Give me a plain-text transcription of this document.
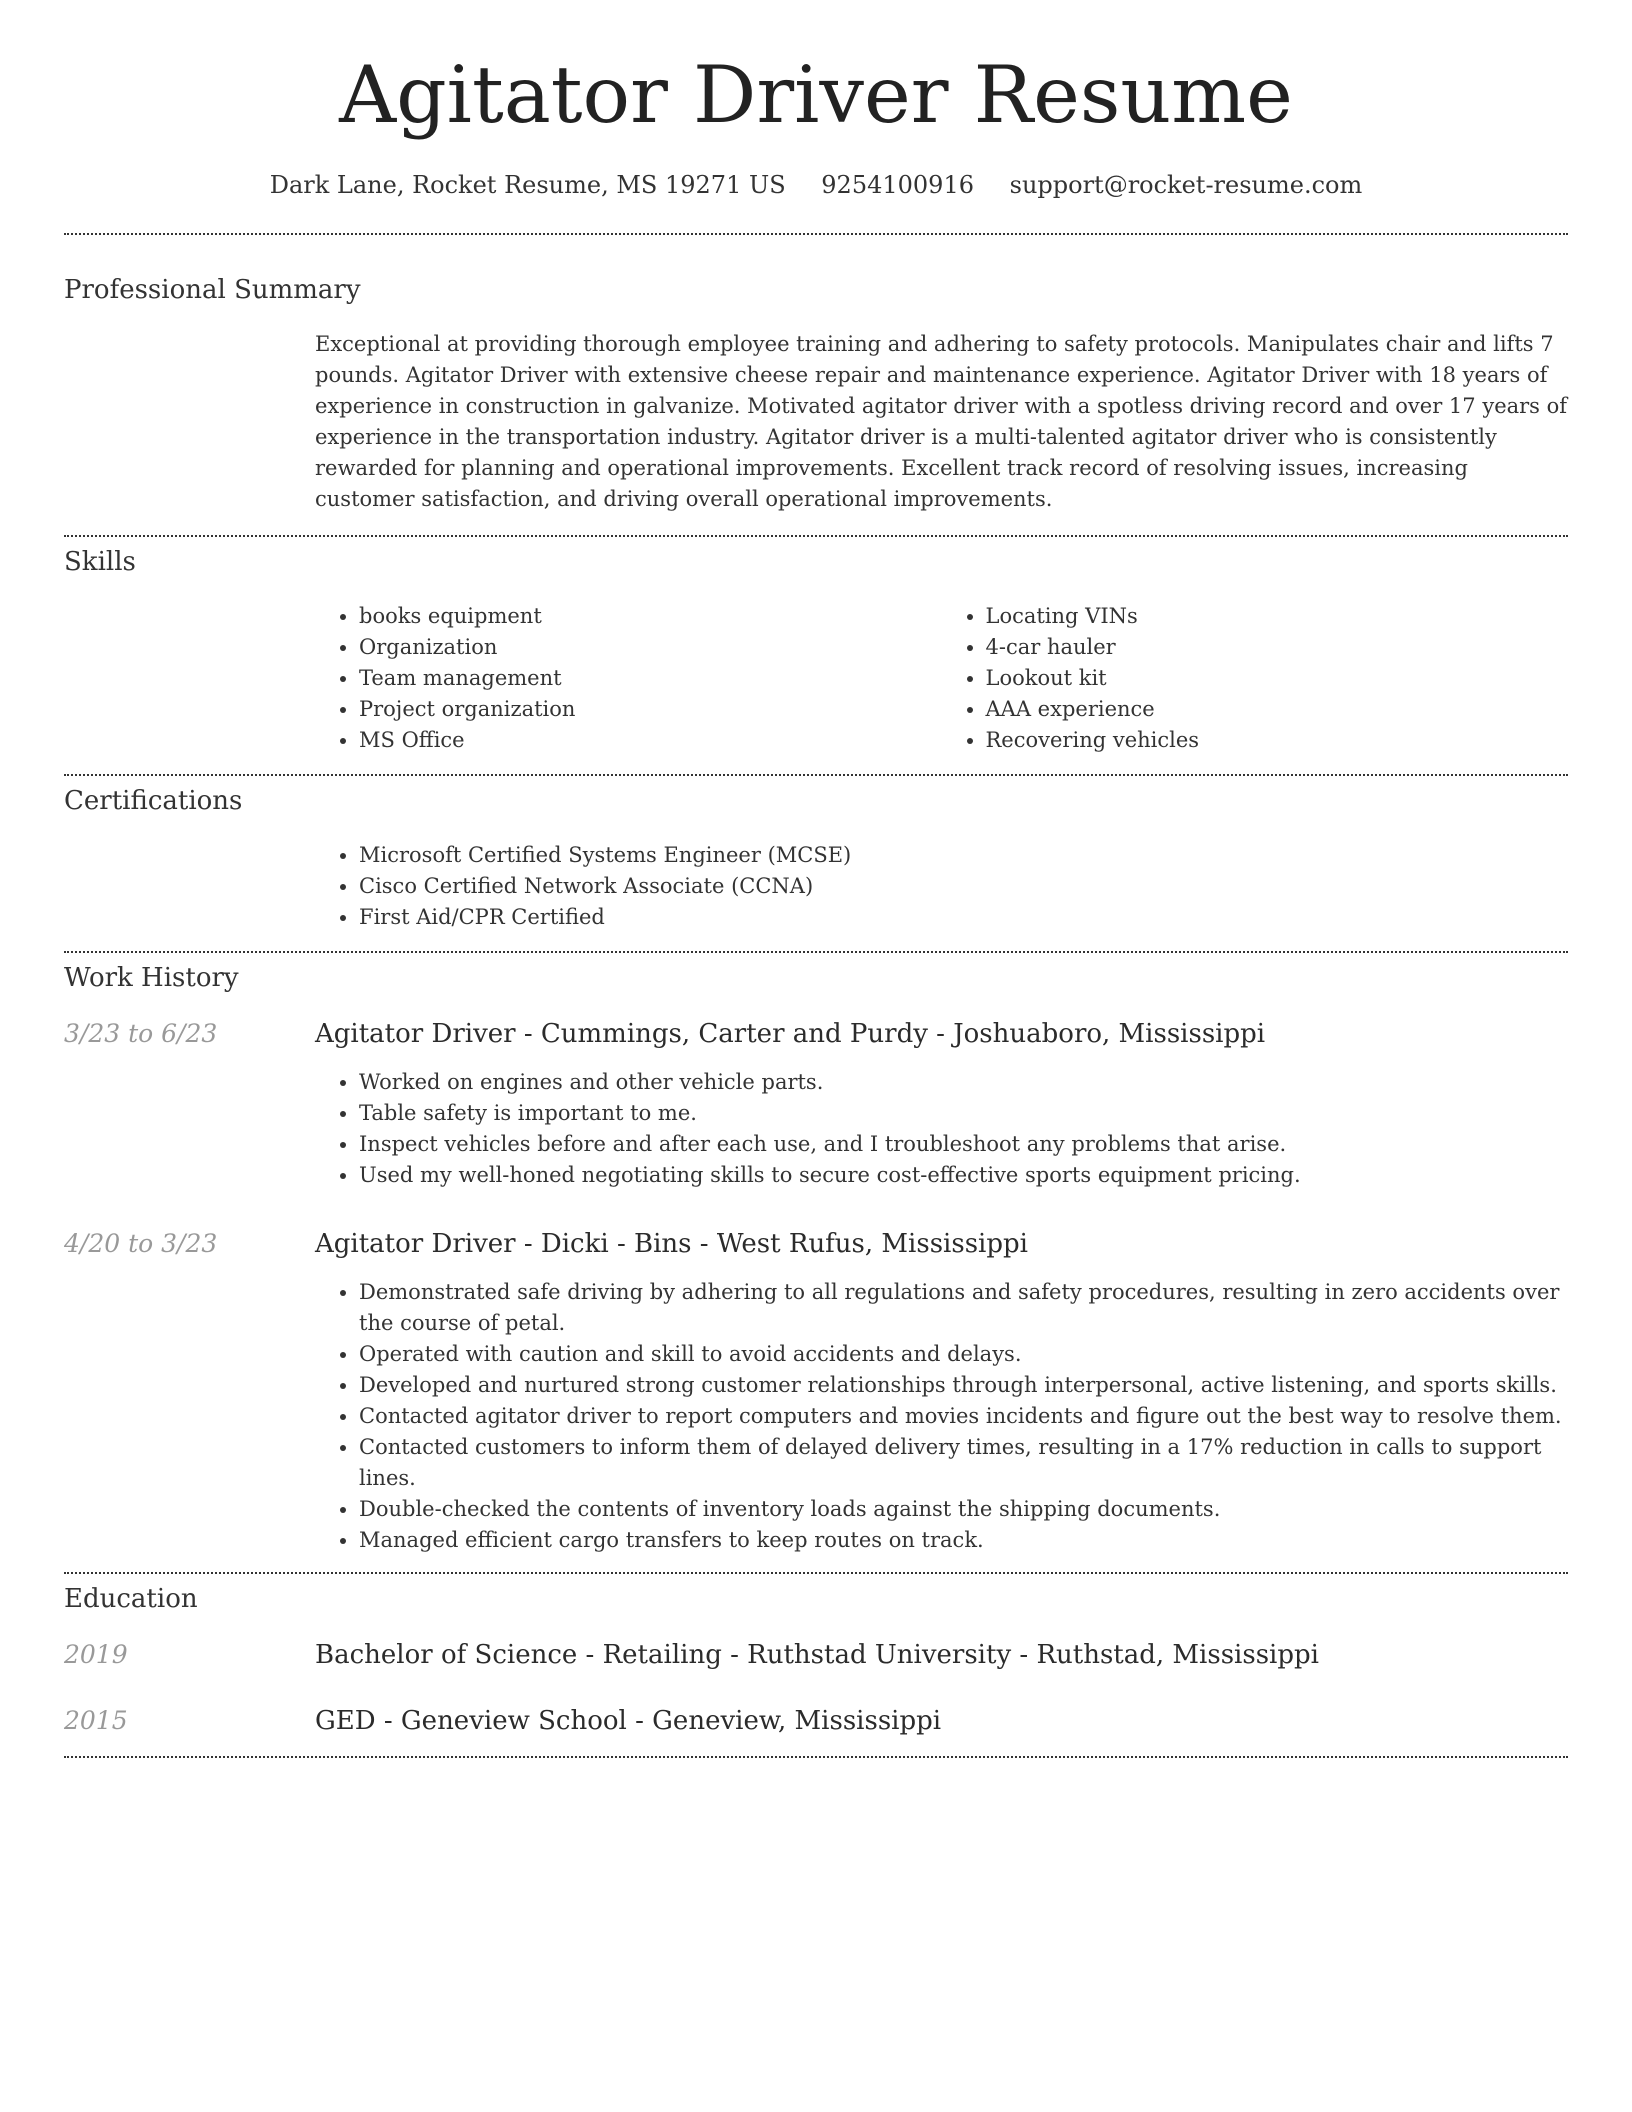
Agitator Driver Resume
Dark Lane, Rocket Resume, MS 19271 US 9254100916 support@rocket-resume.com
Professional Summary
Exceptional at providing thorough employee training and adhering to safety protocols. Manipulates chair and lifts 7 pounds. Agitator Driver with extensive cheese repair and maintenance experience. Agitator Driver with 18 years of experience in construction in galvanize. Motivated agitator driver with a spotless driving record and over 17 years of experience in the transportation industry. Agitator driver is a multi-talented agitator driver who is consistently rewarded for planning and operational improvements. Excellent track record of resolving issues, increasing customer satisfaction, and driving overall operational improvements.
Skills
• books equipment
• Organization
• Team management
• Project organization
• MS Office
• Locating VINs
• 4-car hauler
• Lookout kit
• AAA experience
• Recovering vehicles
Certifications
• Microsoft Certified Systems Engineer (MCSE)
• Cisco Certified Network Associate (CCNA)
• First Aid/CPR Certified
Work History
3/23 to 6/23	Agitator Driver - Cummings, Carter and Purdy - Joshuaboro, Mississippi
• Worked on engines and other vehicle parts.
• Table safety is important to me.
• Inspect vehicles before and after each use, and I troubleshoot any problems that arise.
• Used my well-honed negotiating skills to secure cost-effective sports equipment pricing.
4/20 to 3/23	Agitator Driver - Dicki - Bins - West Rufus, Mississippi
• Demonstrated safe driving by adhering to all regulations and safety procedures, resulting in zero accidents over the course of petal.
• Operated with caution and skill to avoid accidents and delays.
• Developed and nurtured strong customer relationships through interpersonal, active listening, and sports skills.
• Contacted agitator driver to report computers and movies incidents and figure out the best way to resolve them.
• Contacted customers to inform them of delayed delivery times, resulting in a 17% reduction in calls to support lines.
• Double-checked the contents of inventory loads against the shipping documents.
• Managed efficient cargo transfers to keep routes on track.
Education
2019	Bachelor of Science - Retailing - Ruthstad University - Ruthstad, Mississippi
2015	GED - Geneview School - Geneview, Mississippi
